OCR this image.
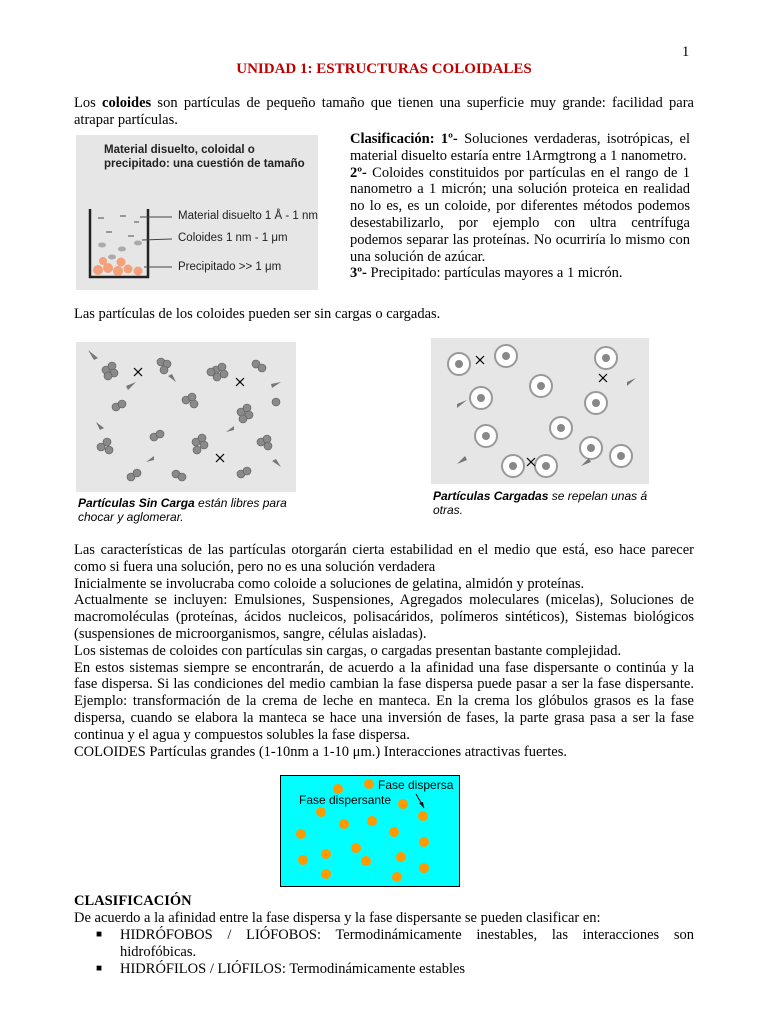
1
UNIDAD 1: ESTRUCTURAS COLOIDALES
Los coloides son partículas de pequeño tamaño que tienen una superficie muy grande: facilidad para atrapar partículas.
Material disuelto, coloidal o
precipitado: una cuestión de tamaño
Material disuelto 1 Å - 1 nm
Coloides 1 nm - 1 μm
Precipitado >> 1 μm
Clasificación: 1º- Soluciones verdaderas, isotrópicas, el material disuelto estaría entre 1Armgtrong a 1 nanometro.
2º- Coloides constituidos por partículas en el rango de 1 nanometro a 1 micrón; una solución proteica en realidad no lo es, es un coloide, por diferentes métodos podemos desestabilizarlo, por ejemplo con ultra centrífuga podemos separar las proteínas. No ocurriría lo mismo con una solución de azúcar.
3º- Precipitado: partículas mayores a 1 micrón.
Las partículas de los coloides pueden ser sin cargas o cargadas.
Partículas Sin Carga están libres para chocar y aglomerar.
Partículas Cargadas se repelan unas á otras.
Las características de las partículas otorgarán cierta estabilidad en el medio que está, eso hace parecer como si fuera una solución, pero no es una solución verdadera
Inicialmente se involucraba como coloide a soluciones de gelatina, almidón y proteínas.
Actualmente se incluyen: Emulsiones, Suspensiones, Agregados moleculares (micelas), Soluciones de macromoléculas (proteínas, ácidos nucleicos, polisacáridos, polímeros sintéticos), Sistemas biológicos (suspensiones de microorganismos, sangre, células aisladas).
Los sistemas de coloides con partículas sin cargas, o cargadas presentan bastante complejidad.
En estos sistemas siempre se encontrarán, de acuerdo a la afinidad una fase dispersante o continúa y la fase dispersa. Si las condiciones del medio cambian la fase dispersa puede pasar a ser la fase dispersante. Ejemplo: transformación de la crema de leche en manteca. En la crema los glóbulos grasos es la fase dispersa, cuando se elabora la manteca se hace una inversión de fases, la parte grasa pasa a ser la fase continua y el agua y compuestos solubles la fase dispersa.
COLOIDES Partículas grandes (1-10nm a 1-10 μm.) Interacciones atractivas fuertes.
Fase dispersa
Fase dispersante
CLASIFICACIÓN
De acuerdo a la afinidad entre la fase dispersa y la fase dispersante se pueden clasificar en:
■ HIDRÓFOBOS / LIÓFOBOS: Termodinámicamente inestables, las interacciones son hidrofóbicas.
■ HIDRÓFILOS / LIÓFILOS: Termodinámicamente estables
